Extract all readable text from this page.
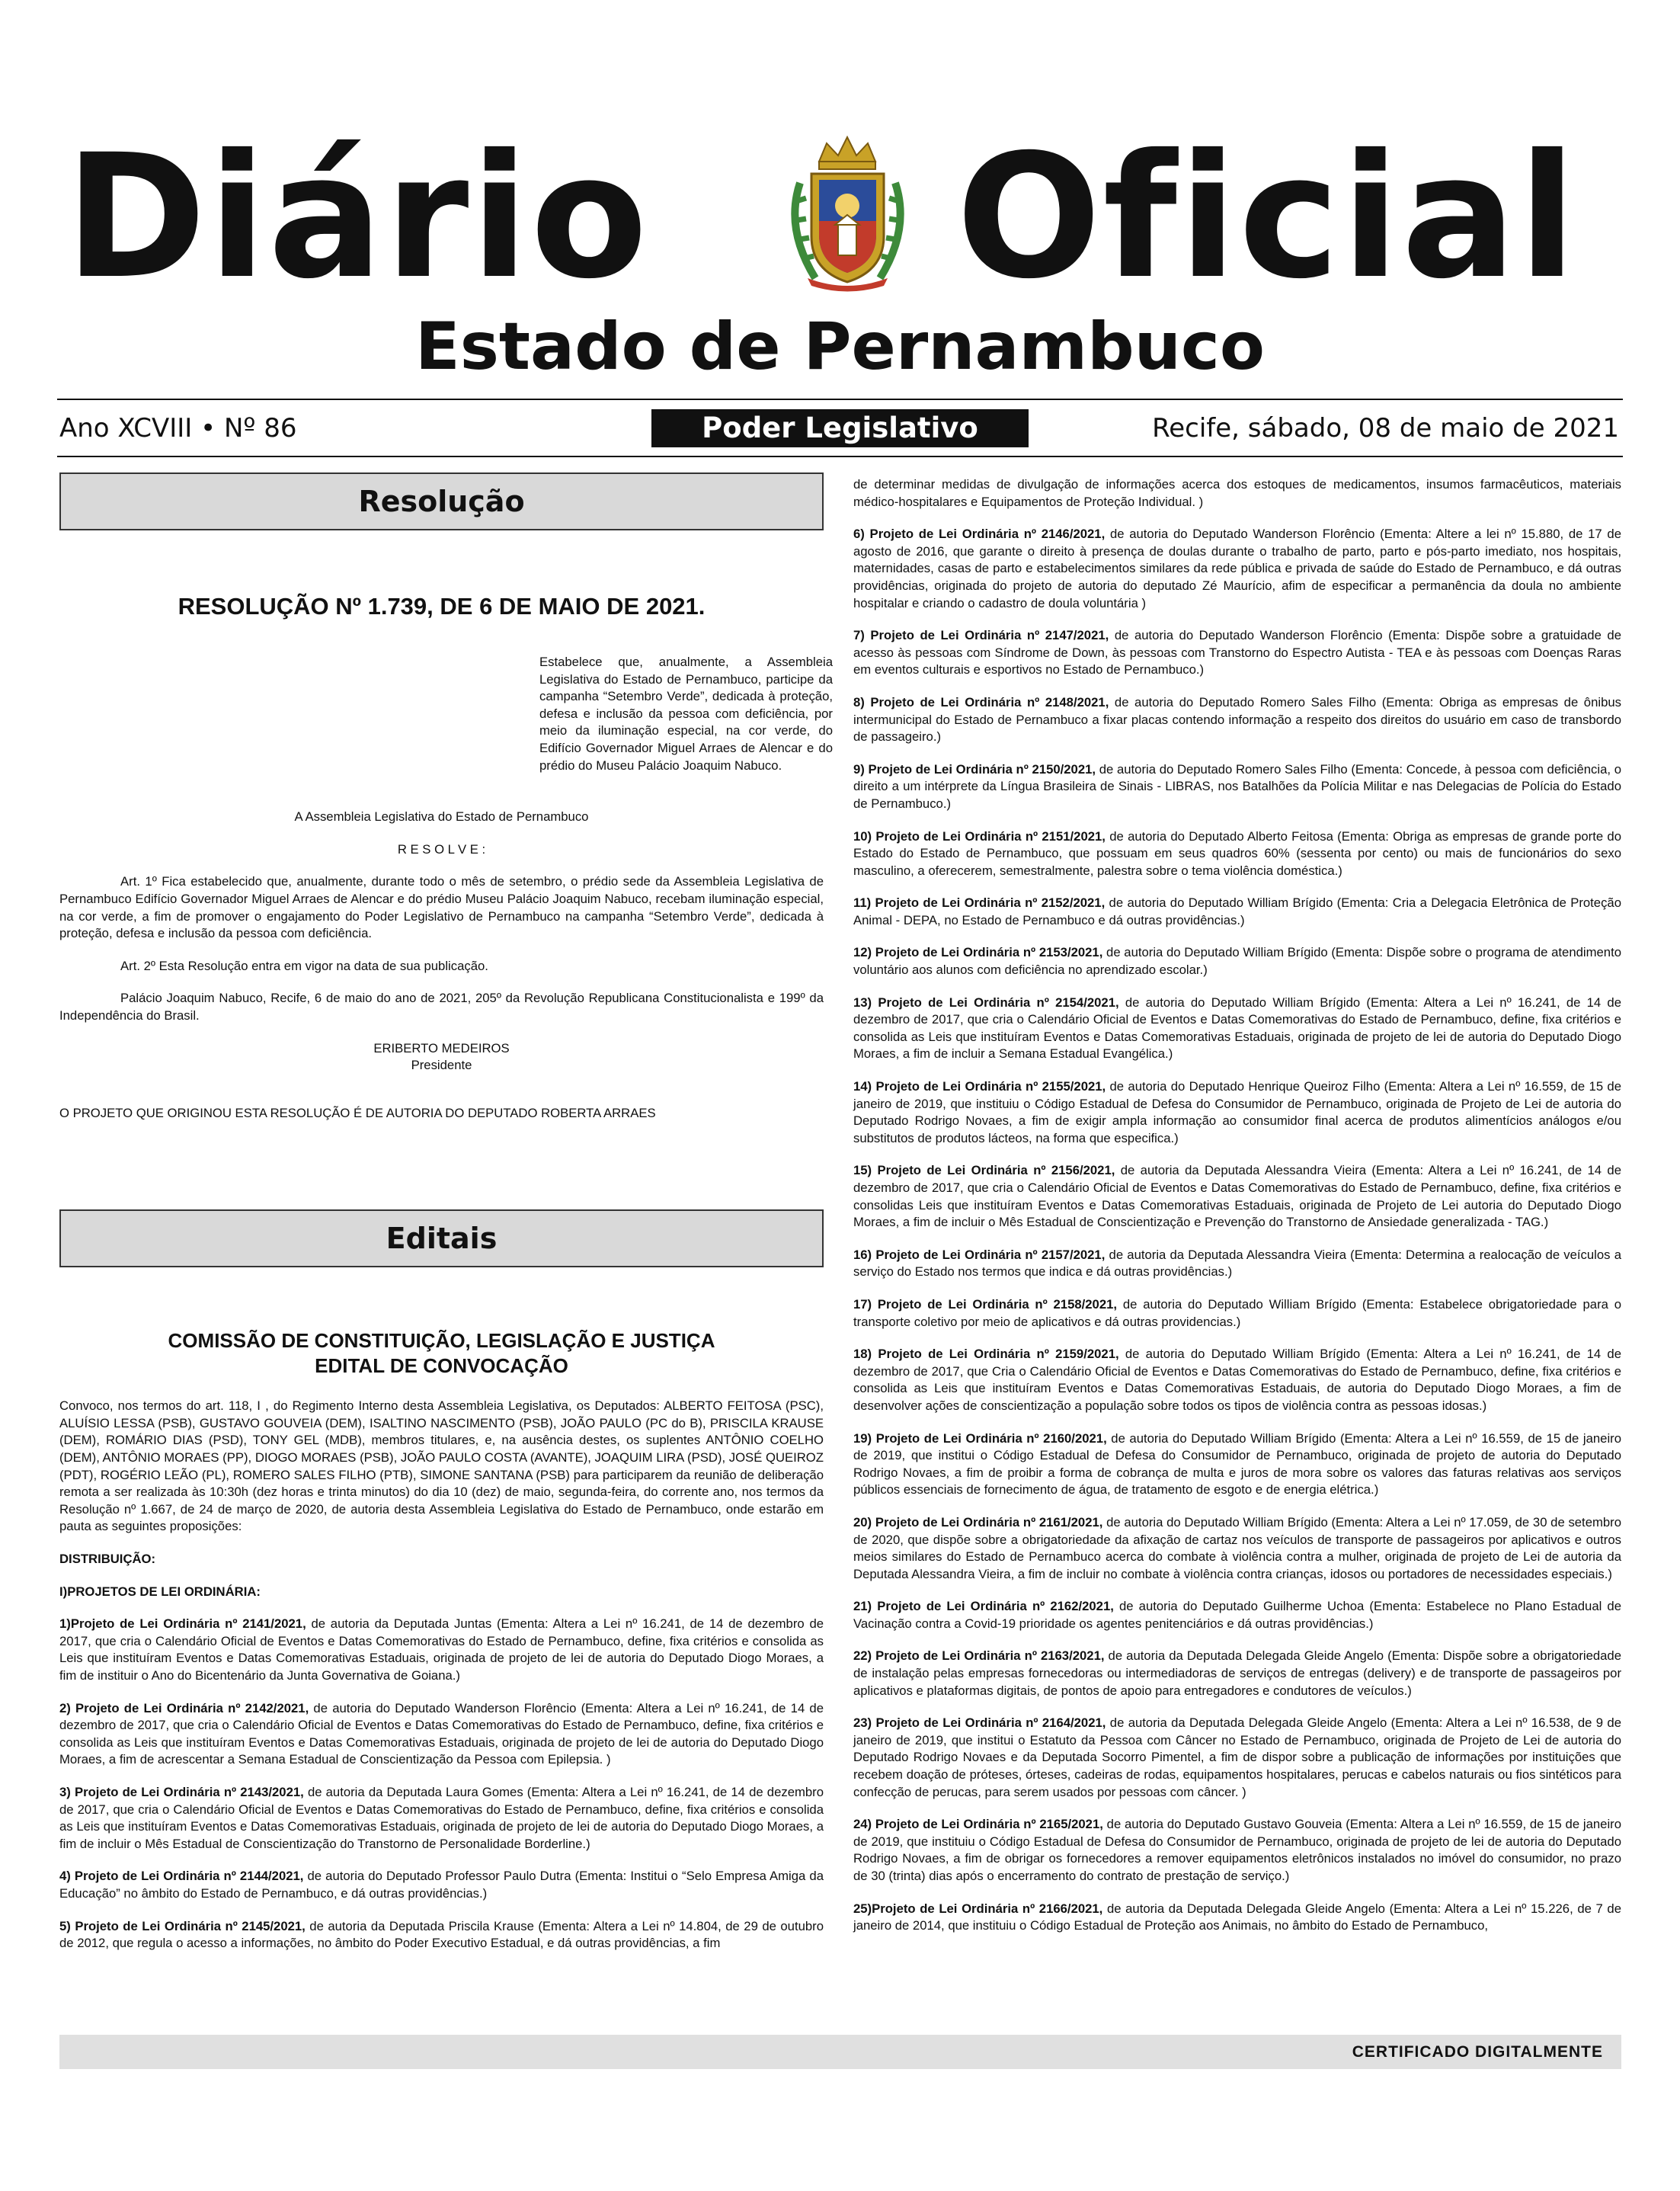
Diário Oficial
Estado de Pernambuco
Ano XCVIII • Nº 86	Poder Legislativo	Recife, sábado, 08 de maio de 2021
Resolução

RESOLUÇÃO Nº 1.739, DE 6 DE MAIO DE 2021.

Estabelece que, anualmente, a Assembleia Legislativa do Estado de Pernambuco, participe da campanha “Setembro Verde”, dedicada à proteção, defesa e inclusão da pessoa com deficiência, por meio da iluminação especial, na cor verde, do Edifício Governador Miguel Arraes de Alencar e do prédio do Museu Palácio Joaquim Nabuco.

A Assembleia Legislativa do Estado de Pernambuco

R E S O L V E :

Art. 1º Fica estabelecido que, anualmente, durante todo o mês de setembro, o prédio sede da Assembleia Legislativa de Pernambuco Edifício Governador Miguel Arraes de Alencar e do prédio Museu Palácio Joaquim Nabuco, recebam iluminação especial, na cor verde, a fim de promover o engajamento do Poder Legislativo de Pernambuco na campanha “Setembro Verde”, dedicada à proteção, defesa e inclusão da pessoa com deficiência.

Art. 2º Esta Resolução entra em vigor na data de sua publicação.

Palácio Joaquim Nabuco, Recife, 6 de maio do ano de 2021, 205º da Revolução Republicana Constitucionalista e 199º da Independência do Brasil.

ERIBERTO MEDEIROS

Presidente

O PROJETO QUE ORIGINOU ESTA RESOLUÇÃO É DE AUTORIA DO DEPUTADO ROBERTA ARRAES

Editais

COMISSÃO DE CONSTITUIÇÃO, LEGISLAÇÃO E JUSTIÇA

EDITAL DE CONVOCAÇÃO

Convoco, nos termos do art. 118, I , do Regimento Interno desta Assembleia Legislativa, os Deputados: ALBERTO FEITOSA (PSC), ALUÍSIO LESSA (PSB), GUSTAVO GOUVEIA (DEM), ISALTINO NASCIMENTO (PSB), JOÃO PAULO (PC do B), PRISCILA KRAUSE (DEM), ROMÁRIO DIAS (PSD), TONY GEL (MDB), membros titulares, e, na ausência destes, os suplentes ANTÔNIO COELHO (DEM), ANTÔNIO MORAES (PP), DIOGO MORAES (PSB), JOÃO PAULO COSTA (AVANTE), JOAQUIM LIRA (PSD), JOSÉ QUEIROZ (PDT), ROGÉRIO LEÃO (PL), ROMERO SALES FILHO (PTB), SIMONE SANTANA (PSB) para participarem da reunião de deliberação remota a ser realizada às 10:30h (dez horas e trinta minutos) do dia 10 (dez) de maio, segunda-feira, do corrente ano, nos termos da Resolução nº 1.667, de 24 de março de 2020, de autoria desta Assembleia Legislativa do Estado de Pernambuco, onde estarão em pauta as seguintes proposições:

DISTRIBUIÇÃO:

I)PROJETOS DE LEI ORDINÁRIA:

1)Projeto de Lei Ordinária nº 2141/2021, de autoria da Deputada Juntas (Ementa: Altera a Lei nº 16.241, de 14 de dezembro de 2017, que cria o Calendário Oficial de Eventos e Datas Comemorativas do Estado de Pernambuco, define, fixa critérios e consolida as Leis que instituíram Eventos e Datas Comemorativas Estaduais, originada de projeto de lei de autoria do Deputado Diogo Moraes, a fim de instituir o Ano do Bicentenário da Junta Governativa de Goiana.)

2) Projeto de Lei Ordinária nº 2142/2021, de autoria do Deputado Wanderson Florêncio (Ementa: Altera a Lei nº 16.241, de 14 de dezembro de 2017, que cria o Calendário Oficial de Eventos e Datas Comemorativas do Estado de Pernambuco, define, fixa critérios e consolida as Leis que instituíram Eventos e Datas Comemorativas Estaduais, originada de projeto de lei de autoria do Deputado Diogo Moraes, a fim de acrescentar a Semana Estadual de Conscientização da Pessoa com Epilepsia. )

3) Projeto de Lei Ordinária nº 2143/2021, de autoria da Deputada Laura Gomes (Ementa: Altera a Lei nº 16.241, de 14 de dezembro de 2017, que cria o Calendário Oficial de Eventos e Datas Comemorativas do Estado de Pernambuco, define, fixa critérios e consolida as Leis que instituíram Eventos e Datas Comemorativas Estaduais, originada de projeto de lei de autoria do Deputado Diogo Moraes, a fim de incluir o Mês Estadual de Conscientização do Transtorno de Personalidade Borderline.)

4) Projeto de Lei Ordinária nº 2144/2021, de autoria do Deputado Professor Paulo Dutra (Ementa: Institui o “Selo Empresa Amiga da Educação” no âmbito do Estado de Pernambuco, e dá outras providências.)

5) Projeto de Lei Ordinária nº 2145/2021, de autoria da Deputada Priscila Krause (Ementa: Altera a Lei nº 14.804, de 29 de outubro de 2012, que regula o acesso a informações, no âmbito do Poder Executivo Estadual, e dá outras providências, a fim

de determinar medidas de divulgação de informações acerca dos estoques de medicamentos, insumos farmacêuticos, materiais médico-hospitalares e Equipamentos de Proteção Individual. )

6) Projeto de Lei Ordinária nº 2146/2021, de autoria do Deputado Wanderson Florêncio (Ementa: Altere a lei nº 15.880, de 17 de agosto de 2016, que garante o direito à presença de doulas durante o trabalho de parto, parto e pós-parto imediato, nos hospitais, maternidades, casas de parto e estabelecimentos similares da rede pública e privada de saúde do Estado de Pernambuco, e dá outras providências, originada do projeto de autoria do deputado Zé Maurício, afim de especificar a permanência da doula no ambiente hospitalar e criando o cadastro de doula voluntária )

7) Projeto de Lei Ordinária nº 2147/2021, de autoria do Deputado Wanderson Florêncio (Ementa: Dispõe sobre a gratuidade de acesso às pessoas com Síndrome de Down, às pessoas com Transtorno do Espectro Autista - TEA e às pessoas com Doenças Raras em eventos culturais e esportivos no Estado de Pernambuco.)

8) Projeto de Lei Ordinária nº 2148/2021, de autoria do Deputado Romero Sales Filho (Ementa: Obriga as empresas de ônibus intermunicipal do Estado de Pernambuco a fixar placas contendo informação a respeito dos direitos do usuário em caso de transbordo de passageiro.)

9) Projeto de Lei Ordinária nº 2150/2021, de autoria do Deputado Romero Sales Filho (Ementa: Concede, à pessoa com deficiência, o direito a um intérprete da Língua Brasileira de Sinais - LIBRAS, nos Batalhões da Polícia Militar e nas Delegacias de Polícia do Estado de Pernambuco.)

10) Projeto de Lei Ordinária nº 2151/2021, de autoria do Deputado Alberto Feitosa (Ementa: Obriga as empresas de grande porte do Estado do Estado de Pernambuco, que possuam em seus quadros 60% (sessenta por cento) ou mais de funcionários do sexo masculino, a oferecerem, semestralmente, palestra sobre o tema violência doméstica.)

11) Projeto de Lei Ordinária nº 2152/2021, de autoria do Deputado William Brígido (Ementa: Cria a Delegacia Eletrônica de Proteção Animal - DEPA, no Estado de Pernambuco e dá outras providências.)

12) Projeto de Lei Ordinária nº 2153/2021, de autoria do Deputado William Brígido (Ementa: Dispõe sobre o programa de atendimento voluntário aos alunos com deficiência no aprendizado escolar.)

13) Projeto de Lei Ordinária nº 2154/2021, de autoria do Deputado William Brígido (Ementa: Altera a Lei nº 16.241, de 14 de dezembro de 2017, que cria o Calendário Oficial de Eventos e Datas Comemorativas do Estado de Pernambuco, define, fixa critérios e consolida as Leis que instituíram Eventos e Datas Comemorativas Estaduais, originada de projeto de lei de autoria do Deputado Diogo Moraes, a fim de incluir a Semana Estadual Evangélica.)

14) Projeto de Lei Ordinária nº 2155/2021, de autoria do Deputado Henrique Queiroz Filho (Ementa: Altera a Lei nº 16.559, de 15 de janeiro de 2019, que instituiu o Código Estadual de Defesa do Consumidor de Pernambuco, originada de Projeto de Lei de autoria do Deputado Rodrigo Novaes, a fim de exigir ampla informação ao consumidor final acerca de produtos alimentícios análogos e/ou substitutos de produtos lácteos, na forma que especifica.)

15) Projeto de Lei Ordinária nº 2156/2021, de autoria da Deputada Alessandra Vieira (Ementa: Altera a Lei nº 16.241, de 14 de dezembro de 2017, que cria o Calendário Oficial de Eventos e Datas Comemorativas do Estado de Pernambuco, define, fixa critérios e consolidas Leis que instituíram Eventos e Datas Comemorativas Estaduais, originada de Projeto de Lei autoria do Deputado Diogo Moraes, a fim de incluir o Mês Estadual de Conscientização e Prevenção do Transtorno de Ansiedade generalizada - TAG.)

16) Projeto de Lei Ordinária nº 2157/2021, de autoria da Deputada Alessandra Vieira (Ementa: Determina a realocação de veículos a serviço do Estado nos termos que indica e dá outras providências.)

17) Projeto de Lei Ordinária nº 2158/2021, de autoria do Deputado William Brígido (Ementa: Estabelece obrigatoriedade para o transporte coletivo por meio de aplicativos e dá outras providencias.)

18) Projeto de Lei Ordinária nº 2159/2021, de autoria do Deputado William Brígido (Ementa: Altera a Lei nº 16.241, de 14 de dezembro de 2017, que Cria o Calendário Oficial de Eventos e Datas Comemorativas do Estado de Pernambuco, define, fixa critérios e consolida as Leis que instituíram Eventos e Datas Comemorativas Estaduais, de autoria do Deputado Diogo Moraes, a fim de desenvolver ações de conscientização a população sobre todos os tipos de violência contra as pessoas idosas.)

19) Projeto de Lei Ordinária nº 2160/2021, de autoria do Deputado William Brígido (Ementa: Altera a Lei nº 16.559, de 15 de janeiro de 2019, que institui o Código Estadual de Defesa do Consumidor de Pernambuco, originada de projeto de autoria do Deputado Rodrigo Novaes, a fim de proibir a forma de cobrança de multa e juros de mora sobre os valores das faturas relativas aos serviços públicos essenciais de fornecimento de água, de tratamento de esgoto e de energia elétrica.)

20) Projeto de Lei Ordinária nº 2161/2021, de autoria do Deputado William Brígido (Ementa: Altera a Lei nº 17.059, de 30 de setembro de 2020, que dispõe sobre a obrigatoriedade da afixação de cartaz nos veículos de transporte de passageiros por aplicativos e outros meios similares do Estado de Pernambuco acerca do combate à violência contra a mulher, originada de projeto de Lei de autoria da Deputada Alessandra Vieira, a fim de incluir no combate à violência contra crianças, idosos ou portadores de necessidades especiais.)

21) Projeto de Lei Ordinária nº 2162/2021, de autoria do Deputado Guilherme Uchoa (Ementa: Estabelece no Plano Estadual de Vacinação contra a Covid-19 prioridade os agentes penitenciários e dá outras providências.)

22) Projeto de Lei Ordinária nº 2163/2021, de autoria da Deputada Delegada Gleide Angelo (Ementa: Dispõe sobre a obrigatoriedade de instalação pelas empresas fornecedoras ou intermediadoras de serviços de entregas (delivery) e de transporte de passageiros por aplicativos e plataformas digitais, de pontos de apoio para entregadores e condutores de veículos.)

23) Projeto de Lei Ordinária nº 2164/2021, de autoria da Deputada Delegada Gleide Angelo (Ementa: Altera a Lei nº 16.538, de 9 de janeiro de 2019, que institui o Estatuto da Pessoa com Câncer no Estado de Pernambuco, originada de Projeto de Lei de autoria do Deputado Rodrigo Novaes e da Deputada Socorro Pimentel, a fim de dispor sobre a publicação de informações por instituições que recebem doação de próteses, órteses, cadeiras de rodas, equipamentos hospitalares, perucas e cabelos naturais ou fios sintéticos para confecção de perucas, para serem usados por pessoas com câncer. )

24) Projeto de Lei Ordinária nº 2165/2021, de autoria do Deputado Gustavo Gouveia (Ementa: Altera a Lei nº 16.559, de 15 de janeiro de 2019, que instituiu o Código Estadual de Defesa do Consumidor de Pernambuco, originada de projeto de lei de autoria do Deputado Rodrigo Novaes, a fim de obrigar os fornecedores a remover equipamentos eletrônicos instalados no imóvel do consumidor, no prazo de 30 (trinta) dias após o encerramento do contrato de prestação de serviço.)

25)Projeto de Lei Ordinária nº 2166/2021, de autoria da Deputada Delegada Gleide Angelo (Ementa: Altera a Lei nº 15.226, de 7 de janeiro de 2014, que instituiu o Código Estadual de Proteção aos Animais, no âmbito do Estado de Pernambuco,

CERTIFICADO DIGITALMENTE
